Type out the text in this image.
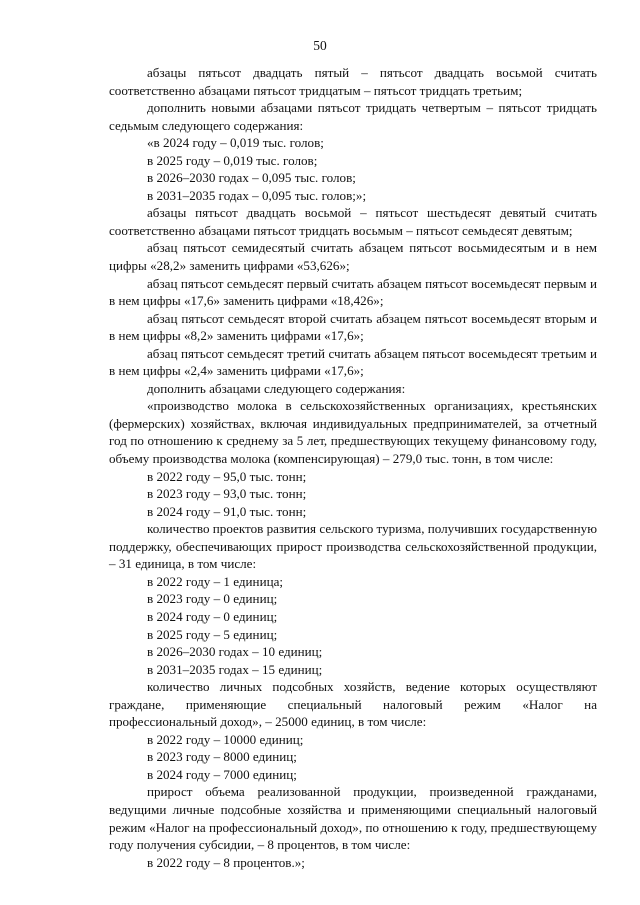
50

абзацы пятьсот двадцать пятый – пятьсот двадцать восьмой считать соответственно абзацами пятьсот тридцатым – пятьсот тридцать третьим;

дополнить новыми абзацами пятьсот тридцать четвертым – пятьсот тридцать седьмым следующего содержания:

«в 2024 году – 0,019 тыс. голов;

в 2025 году – 0,019 тыс. голов;

в 2026–2030 годах – 0,095 тыс. голов;

в 2031–2035 годах – 0,095 тыс. голов;»;

абзацы пятьсот двадцать восьмой – пятьсот шестьдесят девятый считать соответственно абзацами пятьсот тридцать восьмым – пятьсот семьдесят девятым;

абзац пятьсот семидесятый считать абзацем пятьсот восьмидесятым и в нем цифры «28,2» заменить цифрами «53,626»;

абзац пятьсот семьдесят первый считать абзацем пятьсот восемьдесят первым и в нем цифры «17,6» заменить цифрами «18,426»;

абзац пятьсот семьдесят второй считать абзацем пятьсот восемьдесят вторым и в нем цифры «8,2» заменить цифрами «17,6»;

абзац пятьсот семьдесят третий считать абзацем пятьсот восемьдесят третьим и в нем цифры «2,4» заменить цифрами «17,6»;

дополнить абзацами следующего содержания:

«производство молока в сельскохозяйственных организациях, крестьянских (фермерских) хозяйствах, включая индивидуальных предпринимателей, за отчетный год по отношению к среднему за 5 лет, предшествующих текущему финансовому году, объему производства молока (компенсирующая) – 279,0 тыс. тонн, в том числе:

в 2022 году – 95,0 тыс. тонн;

в 2023 году – 93,0 тыс. тонн;

в 2024 году – 91,0 тыс. тонн;

количество проектов развития сельского туризма, получивших государственную поддержку, обеспечивающих прирост производства сельскохозяйственной продукции, – 31 единица, в том числе:

в 2022 году – 1 единица;

в 2023 году – 0 единиц;

в 2024 году – 0 единиц;

в 2025 году – 5 единиц;

в 2026–2030 годах – 10 единиц;

в 2031–2035 годах – 15 единиц;

количество личных подсобных хозяйств, ведение которых осуществляют граждане, применяющие специальный налоговый режим «Налог на профессиональный доход», – 25000 единиц, в том числе:

в 2022 году – 10000 единиц;

в 2023 году – 8000 единиц;

в 2024 году – 7000 единиц;

прирост объема реализованной продукции, произведенной гражданами, ведущими личные подсобные хозяйства и применяющими специальный налоговый режим «Налог на профессиональный доход», по отношению к году, предшествующему году получения субсидии, – 8 процентов, в том числе:

в 2022 году – 8 процентов.»;
